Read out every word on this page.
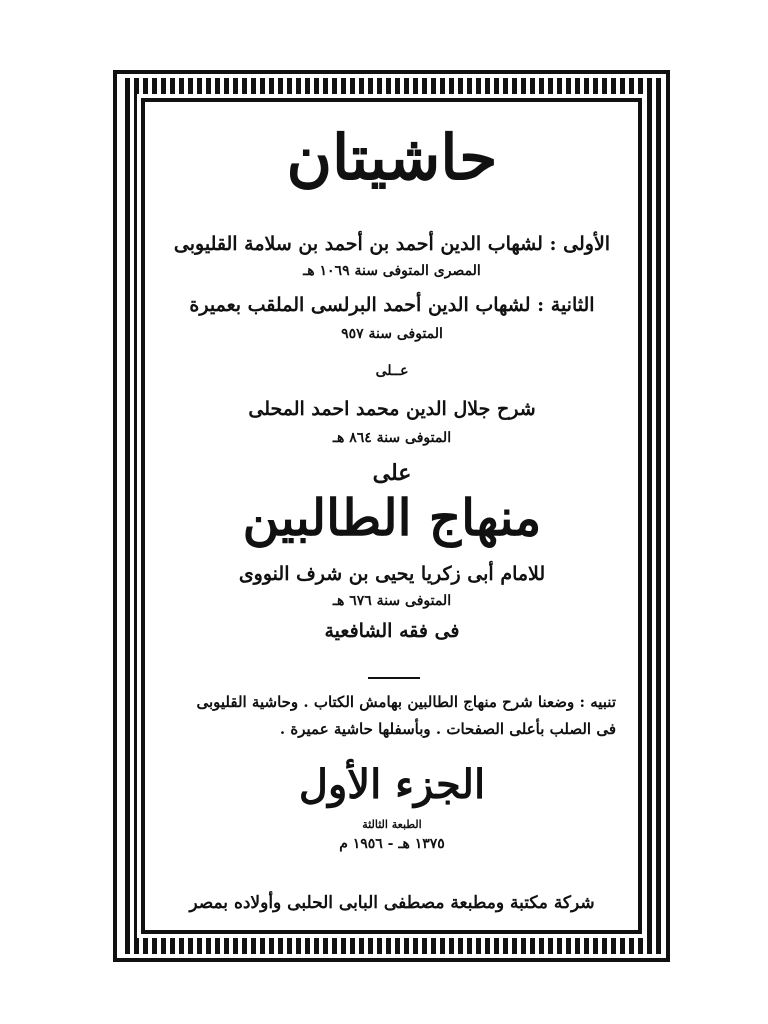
حاشيتان
الأولى : لشهاب الدين أحمد بن أحمد بن سلامة القليوبى
المصرى المتوفى سنة ١٠٦٩ هـ
الثانية : لشهاب الدين أحمد البرلسى الملقب بعميرة
المتوفى سنة ٩٥٧
عــلى
شرح جلال الدين محمد احمد المحلى
المتوفى سنة ٨٦٤ هـ
على
منهاج الطالبين
للامام أبى زكريا يحيى بن شرف النووى
المتوفى سنة ٦٧٦ هـ
فى فقه الشافعية
تنبيه : وضعنا شرح منهاج الطالبين بهامش الكتاب . وحاشية القليوبى
فى الصلب بأعلى الصفحات . وبأسفلها حاشية عميرة .
الجزء الأول
الطبعة الثالثة
١٣٧٥ هـ - ١٩٥٦ م
شركة مكتبة ومطبعة مصطفى البابى الحلبى وأولاده بمصر
